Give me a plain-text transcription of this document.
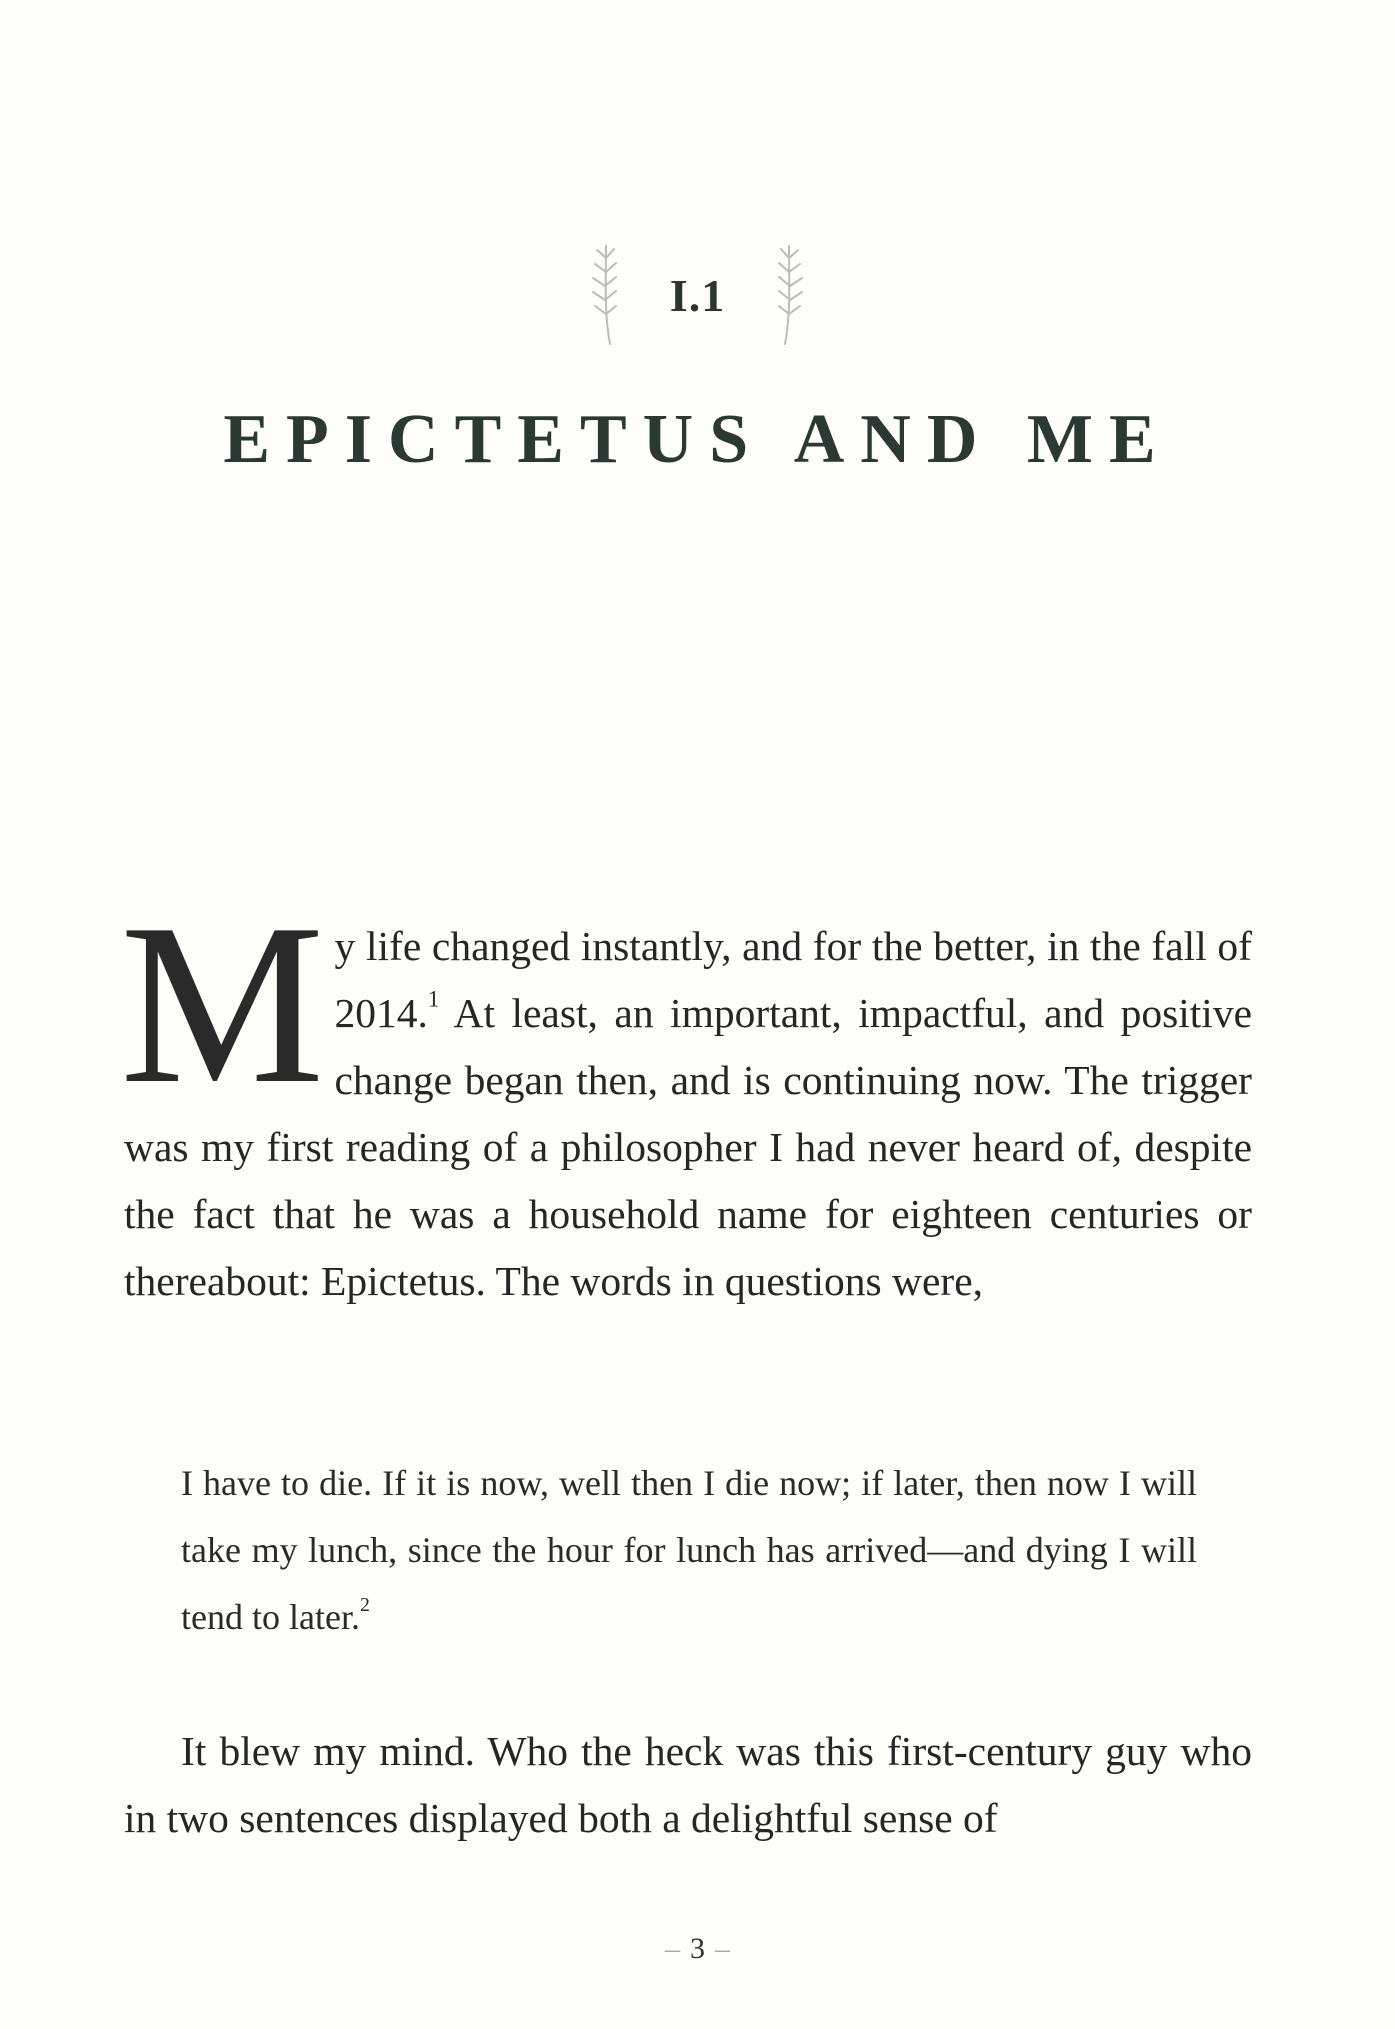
I.1
EPICTETUS AND ME

My life changed instantly, and for the better, in the fall of 2014.$^1$ At least, an important, impactful, and positive change began then, and is continuing now. The trigger was my first reading of a philosopher I had never heard of, despite the fact that he was a household name for eighteen centuries or thereabout: Epictetus. The words in questions were,

I have to die. If it is now, well then I die now; if later, then now I will take my lunch, since the hour for lunch has arrived—and dying I will tend to later.$^2$

It blew my mind. Who the heck was this first-century guy who in two sentences displayed both a delightful sense of

– 3 –
